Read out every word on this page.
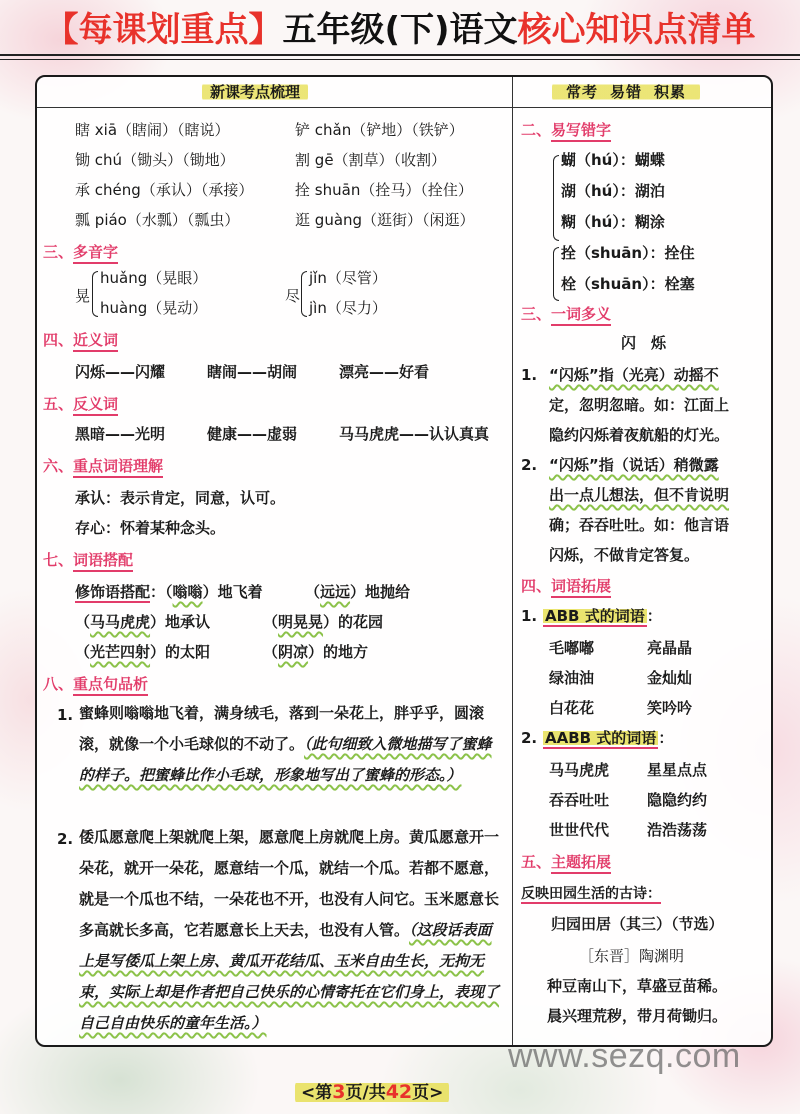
【每课划重点】五年级(下)语文核心知识点清单
新课考点梳理	常考 易错 积累
瞎 xiā（瞎闹）（瞎说）	铲 chǎn（铲地）（铁铲）
锄 chú（锄头）（锄地）	割 gē（割草）（收割）
承 chéng（承认）（承接）	拴 shuān（拴马）（拴住）
瓢 piáo（水瓢）（瓢虫）	逛 guàng（逛街）（闲逛）
三、多音字
晃
huǎng（晃眼）
huàng（晃动）
尽
jǐn（尽管）
jìn（尽力）
四、近义词
闪烁——闪耀	瞎闹——胡闹	漂亮——好看
五、反义词
黑暗——光明	健康——虚弱	马马虎虎——认认真真
六、重点词语理解
承认：表示肯定，同意，认可。
存心：怀着某种念头。
七、词语搭配
修饰语搭配：（嗡嗡）地飞着	（远远）地抛给
（马马虎虎）地承认	（明晃晃）的花园
（光芒四射）的太阳	（阴凉）的地方
八、重点句品析
1. 蜜蜂则嗡嗡地飞着，满身绒毛，落到一朵花上，胖乎乎，圆滚滚，就像一个小毛球似的不动了。（此句细致入微地描写了蜜蜂的样子。把蜜蜂比作小毛球，形象地写出了蜜蜂的形态。）
2. 倭瓜愿意爬上架就爬上架，愿意爬上房就爬上房。黄瓜愿意开一朵花，就开一朵花，愿意结一个瓜，就结一个瓜。若都不愿意，就是一个瓜也不结，一朵花也不开，也没有人问它。玉米愿意长多高就长多高，它若愿意长上天去，也没有人管。（这段话表面上是写倭瓜上架上房、黄瓜开花结瓜、玉米自由生长，无拘无束，实际上却是作者把自己快乐的心情寄托在它们身上，表现了自己自由快乐的童年生活。）
二、易写错字
蝴（hú）：蝴蝶
湖（hú）：湖泊
糊（hú）：糊涂
拴（shuān）：拴住
栓（shuān）：栓塞
三、一词多义
闪　烁
1. “闪烁”指（光亮）动摇不
定，忽明忽暗。如：江面上
隐约闪烁着夜航船的灯光。
2. “闪烁”指（说话）稍微露
出一点儿想法，但不肯说明
确；吞吞吐吐。如：他言语
闪烁，不做肯定答复。
四、词语拓展
1. ABB 式的词语 ：
毛嘟嘟	亮晶晶
绿油油	金灿灿
白花花	笑吟吟
2. AABB 式的词语 ：
马马虎虎	星星点点
吞吞吐吐	隐隐约约
世世代代	浩浩荡荡
五、主题拓展
反映田园生活的古诗：
归园田居（其三）（节选）
［东晋］陶渊明
种豆南山下，草盛豆苗稀。
晨兴理荒秽，带月荷锄归。
www.sezq.com
<第3页/共42页>
